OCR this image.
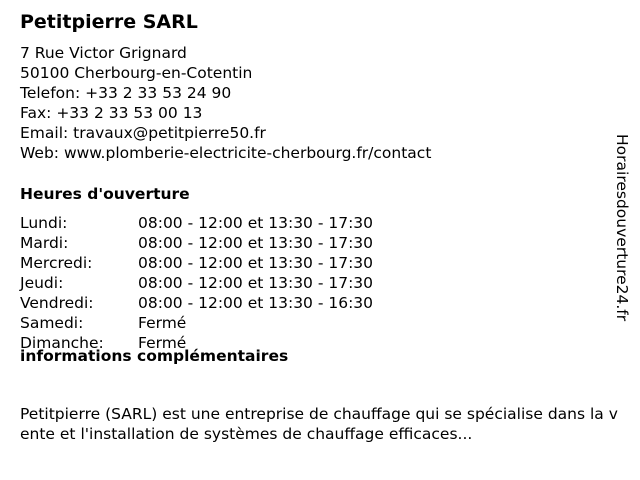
Petitpierre SARL
7 Rue Victor Grignard
50100 Cherbourg-en-Cotentin
Telefon: +33 2 33 53 24 90
Fax: +33 2 33 53 00 13
Email: travaux@petitpierre50.fr
Web: www.plomberie-electricite-cherbourg.fr/contact
Heures d'ouverture
Lundi:	08:00 - 12:00 et 13:30 - 17:30
Mardi:	08:00 - 12:00 et 13:30 - 17:30
Mercredi:	08:00 - 12:00 et 13:30 - 17:30
Jeudi:	08:00 - 12:00 et 13:30 - 17:30
Vendredi:	08:00 - 12:00 et 13:30 - 16:30
Samedi:	Fermé
Dimanche: Fermé
informations complémentaires
Petitpierre (SARL) est une entreprise de chauffage qui se spécialise dans la vente et l'installation de systèmes de chauffage efficaces...
Horairesdouverture24.fr
